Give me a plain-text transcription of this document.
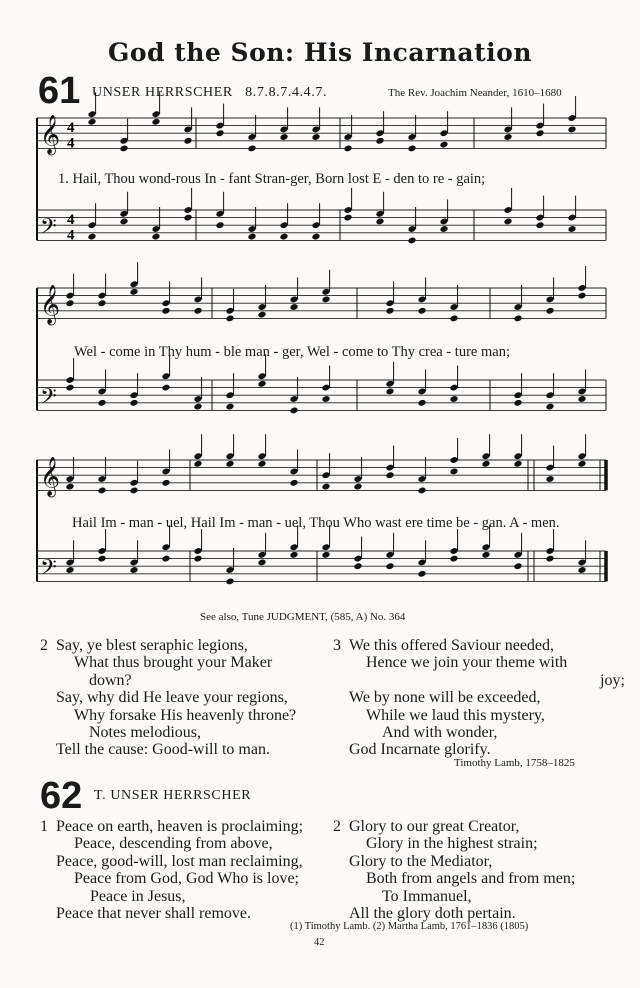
God the Son: His Incarnation
61 UNSER HERRSCHER 8.7.8.7.4.4.7.	The Rev. Joachim Neander, 1610–1680
𝄞 4
4
𝄢 4
4
𝄞
𝄢
𝄞
𝄢
1. Hail, Thou wond-rous In - fant Stran-ger, Born lost E - den to re - gain;
Wel - come in Thy hum - ble man - ger, Wel - come to Thy crea - ture man;
Hail Im - man - uel, Hail Im - man - uel, Thou Who wast ere time be - gan. A - men.
See also, Tune JUDGMENT, (585, A) No. 364
2 Say, ye blest seraphic legions,
What thus brought your Maker
down?
Say, why did He leave your regions,
Why forsake His heavenly throne?
Notes melodious,
Tell the cause: Good-will to man.
3 We this offered Saviour needed,
Hence we join your theme with
joy;
We by none will be exceeded,
While we laud this mystery,
And with wonder,
God Incarnate glorify.
Timothy Lamb, 1758–1825
62 T. UNSER HERRSCHER
1 Peace on earth, heaven is proclaiming;
Peace, descending from above,
Peace, good-will, lost man reclaiming,
Peace from God, God Who is love;
Peace in Jesus,
Peace that never shall remove.
2 Glory to our great Creator,
Glory in the highest strain;
Glory to the Mediator,
Both from angels and from men;
To Immanuel,
All the glory doth pertain.
(1) Timothy Lamb. (2) Martha Lamb, 1761–1836 (1805)
42
